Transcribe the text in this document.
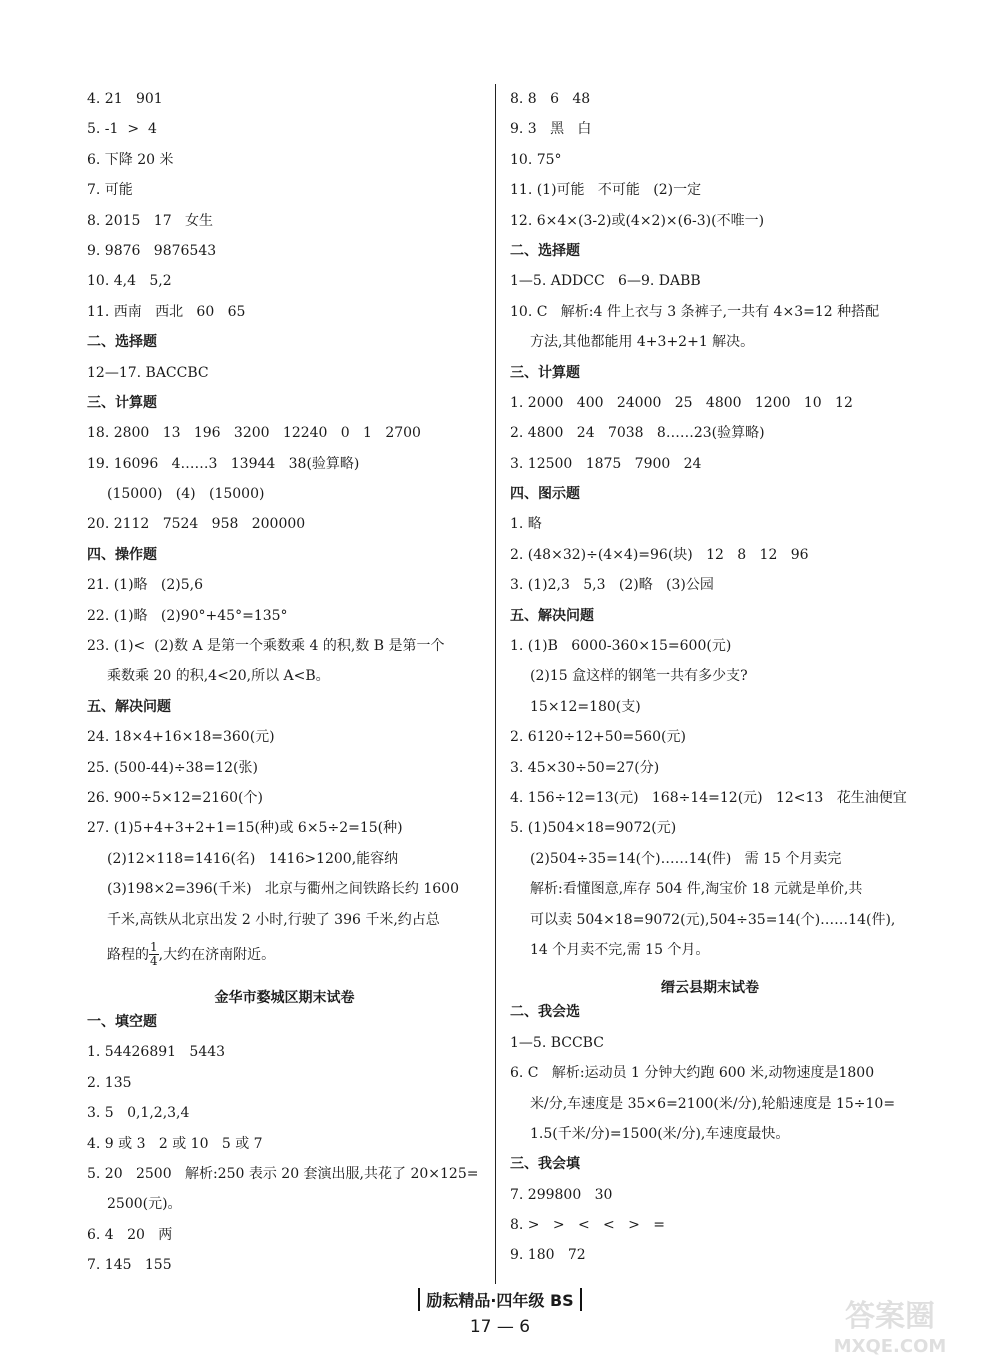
4. 21   901
5. -1  >  4
6. 下降 20 米
7. 可能
8. 2015   17   女生
9. 9876   9876543
10. 4,4   5,2
11. 西南   西北   60   65
二、选择题
12—17. BACCBC
三、计算题
18. 2800   13   196   3200   12240   0   1   2700
19. 16096   4……3   13944   38(验算略)
(15000)   (4)   (15000)
20. 2112   7524   958   200000
四、操作题
21. (1)略   (2)5,6
22. (1)略   (2)90°+45°=135°
23. (1)<  (2)数 A 是第一个乘数乘 4 的积,数 B 是第一个
乘数乘 20 的积,4<20,所以 A<B。
五、解决问题
24. 18×4+16×18=360(元)
25. (500-44)÷38=12(张)
26. 900÷5×12=2160(个)
27. (1)5+4+3+2+1=15(种)或 6×5÷2=15(种)
(2)12×118=1416(名)   1416>1200,能容纳
(3)198×2=396(千米)   北京与衢州之间铁路长约 1600
千米,高铁从北京出发 2 小时,行驶了 396 千米,约占总
路程的 $\frac{1}{4}$ ,大约在济南附近。
金华市婺城区期末试卷
一、填空题
1. 54426891   5443
2. 135
3. 5   0,1,2,3,4
4. 9 或 3   2 或 10   5 或 7
5. 20   2500   解析:250 表示 20 套演出服,共花了 20×125=
2500(元)。
6. 4   20   两
7. 145   155
8. 8   6   48
9. 3   黑   白
10. 75°
11. (1)可能   不可能   (2)一定
12. 6×4×(3-2)或(4×2)×(6-3)(不唯一)
二、选择题
1—5. ADDCC   6—9. DABB
10. C   解析:4 件上衣与 3 条裤子,一共有 4×3=12 种搭配
方法,其他都能用 4+3+2+1 解决。
三、计算题
1. 2000   400   24000   25   4800   1200   10   12
2. 4800   24   7038   8……23(验算略)
3. 12500   1875   7900   24
四、图示题
1. 略
2. (48×32)÷(4×4)=96(块)   12   8   12   96
3. (1)2,3   5,3   (2)略   (3)公园
五、解决问题
1. (1)B   6000-360×15=600(元)
(2)15 盒这样的钢笔一共有多少支?
15×12=180(支)
2. 6120÷12+50=560(元)
3. 45×30÷50=27(分)
4. 156÷12=13(元)   168÷14=12(元)   12<13   花生油便宜
5. (1)504×18=9072(元)
(2)504÷35=14(个)……14(件)   需 15 个月卖完
解析:看懂图意,库存 504 件,淘宝价 18 元就是单价,共
可以卖 504×18=9072(元),504÷35=14(个)……14(件),
14 个月卖不完,需 15 个月。
缙云县期末试卷
二、我会选
1—5. BCCBC
6. C   解析:运动员 1 分钟大约跑 600 米,动物速度是1800
米/分,车速度是 35×6=2100(米/分),轮船速度是 15÷10=
1.5(千米/分)=1500(米/分),车速度最快。
三、我会填
7. 299800   30
8. >   >   <   <   >   =
9. 180   72
励耘精品·四年级 BS
17 — 6	答案圈
MXQE.COM
